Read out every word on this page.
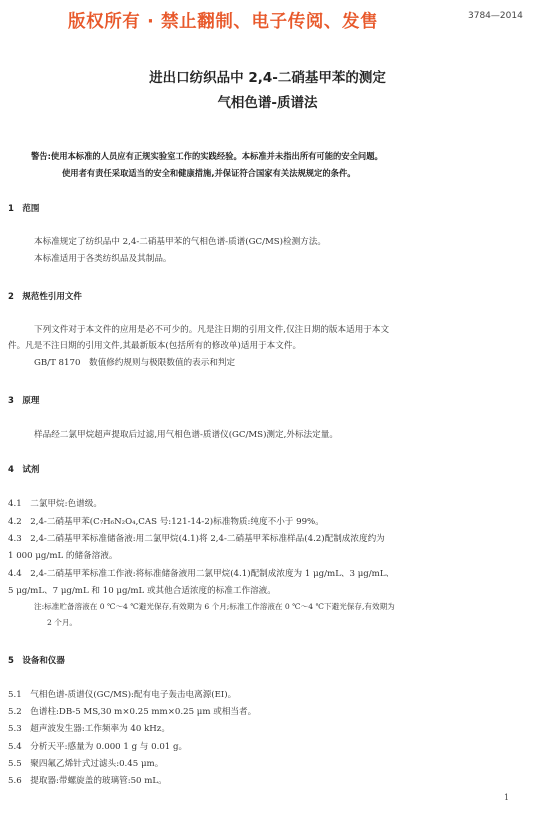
版权所有 · 禁止翻制、电子传阅、发售	3784—2014
进出口纺织品中 2,4-二硝基甲苯的测定
气相色谱-质谱法
警告:使用本标准的人员应有正规实验室工作的实践经验。本标准并未指出所有可能的安全问题。
使用者有责任采取适当的安全和健康措施,并保证符合国家有关法规规定的条件。
1　范围
本标准规定了纺织品中 2,4-二硝基甲苯的气相色谱-质谱(GC/MS)检测方法。
本标准适用于各类纺织品及其制品。
2　规范性引用文件
下列文件对于本文件的应用是必不可少的。凡是注日期的引用文件,仅注日期的版本适用于本文
件。凡是不注日期的引用文件,其最新版本(包括所有的修改单)适用于本文件。
GB/T 8170　数值修约规则与极限数值的表示和判定
3　原理
样品经二氯甲烷超声提取后过滤,用气相色谱-质谱仪(GC/MS)测定,外标法定量。
4　试剂
4.1　二氯甲烷:色谱级。
4.2　2,4-二硝基甲苯(C₇H₆N₂O₄,CAS 号:121-14-2)标准物质:纯度不小于 99%。
4.3　2,4-二硝基甲苯标准储备液:用二氯甲烷(4.1)将 2,4-二硝基甲苯标准样品(4.2)配制成浓度约为
1 000 μg/mL 的储备溶液。
4.4　2,4-二硝基甲苯标准工作液:将标准储备液用二氯甲烷(4.1)配制成浓度为 1 μg/mL、3 μg/mL、
5 μg/mL、7 μg/mL 和 10 μg/mL 或其他合适浓度的标准工作溶液。
注:标准贮备溶液在 0 ℃～4 ℃避光保存,有效期为 6 个月;标准工作溶液在 0 ℃～4 ℃下避光保存,有效期为
2 个月。
5　设备和仪器
5.1　气相色谱-质谱仪(GC/MS):配有电子轰击电离源(EI)。
5.2　色谱柱:DB-5 MS,30 m×0.25 mm×0.25 μm 或相当者。
5.3　超声波发生器:工作频率为 40 kHz。
5.4　分析天平:感量为 0.000 1 g 与 0.01 g。
5.5　聚四氟乙烯针式过滤头:0.45 μm。
5.6　提取器:带螺旋盖的玻璃管:50 mL。
1
